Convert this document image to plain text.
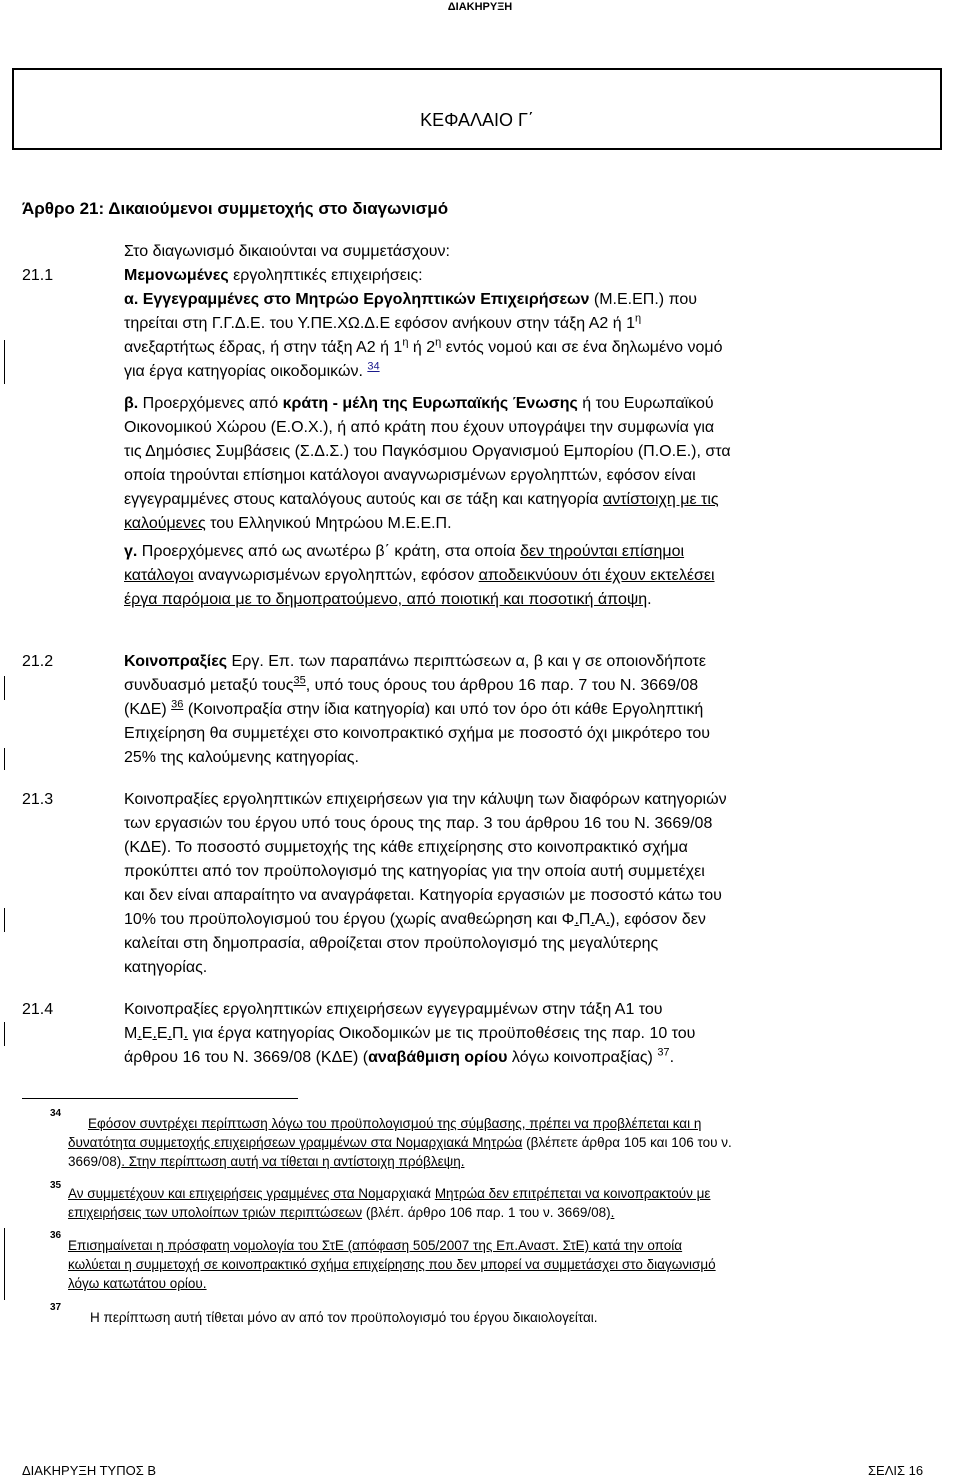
ΔΙΑΚΗΡΥΞΗ
ΚΕΦΑΛΑΙΟ Γ΄
Άρθρο 21: Δικαιούμενοι συμμετοχής στο διαγωνισμό
Στο διαγωνισμό δικαιούνται να συμμετάσχουν:
21.1	Μεμονωμένες εργοληπτικές επιχειρήσεις:
α. Εγγεγραμμένες στο Μητρώο Εργοληπτικών Επιχειρήσεων (Μ.Ε.ΕΠ.) που
τηρείται στη Γ.Γ.Δ.Ε. του Υ.ΠΕ.ΧΩ.Δ.Ε εφόσον ανήκουν στην τάξη Α2 ή $1^\eta$
ανεξαρτήτως έδρας, ή στην τάξη Α2 ή $1^\eta$ ή $2^\eta$ εντός νομού και σε ένα δηλωμένο νομό
για έργα κατηγορίας οικοδομικών. $^{34}$
β. Προερχόμενες από κράτη - μέλη της Ευρωπαϊκής Ένωσης ή του Ευρωπαϊκού
Οικονομικού Χώρου (Ε.Ο.Χ.), ή από κράτη που έχουν υπογράψει την συμφωνία για
τις Δημόσιες Συμβάσεις (Σ.Δ.Σ.) του Παγκόσμιου Οργανισμού Εμπορίου (Π.Ο.Ε.), στα
οποία τηρούνται επίσημοι κατάλογοι αναγνωρισμένων εργοληπτών, εφόσον είναι
εγγεγραμμένες στους καταλόγους αυτούς και σε τάξη και κατηγορία αντίστοιχη με τις
καλούμενες του Ελληνικού Μητρώου Μ.Ε.Ε.Π.
γ. Προερχόμενες από ως ανωτέρω β΄ κράτη, στα οποία δεν τηρούνται επίσημοι
κατάλογοι αναγνωρισμένων εργοληπτών, εφόσον αποδεικνύουν ότι έχουν εκτελέσει
έργα παρόμοια με το δημοπρατούμενο, από ποιοτική και ποσοτική άποψη.
21.2	Κοινοπραξίες Εργ. Επ. των παραπάνω περιπτώσεων α, β και γ σε οποιονδήποτε
συνδυασμό μεταξύ τους$^{35}$, υπό τους όρους του άρθρου 16 παρ. 7 του Ν. 3669/08
(ΚΔΕ) $^{36}$ (Κοινοπραξία στην ίδια κατηγορία) και υπό τον όρο ότι κάθε Εργοληπτική
Επιχείρηση θα συμμετέχει στο κοινοπρακτικό σχήμα με ποσοστό όχι μικρότερο του
25% της καλούμενης κατηγορίας.
21.3	Κοινοπραξίες εργοληπτικών επιχειρήσεων για την κάλυψη των διαφόρων κατηγοριών
των εργασιών του έργου υπό τους όρους της παρ. 3 του άρθρου 16 του Ν. 3669/08
(ΚΔΕ). Το ποσοστό συμμετοχής της κάθε επιχείρησης στο κοινοπρακτικό σχήμα
προκύπτει από τον προϋπολογισμό της κατηγορίας για την οποία αυτή συμμετέχει
και δεν είναι απαραίτητο να αναγράφεται. Κατηγορία εργασιών με ποσοστό κάτω του
10% του προϋπολογισμού του έργου (χωρίς αναθεώρηση και Φ.Π.Α.), εφόσον δεν
καλείται στη δημοπρασία, αθροίζεται στον προϋπολογισμό της μεγαλύτερης
κατηγορίας.
21.4	Κοινοπραξίες εργοληπτικών επιχειρήσεων εγγεγραμμένων στην τάξη Α1 του
Μ.Ε.Ε.Π. για έργα κατηγορίας Οικοδομικών με τις προϋποθέσεις της παρ. 10 του
άρθρου 16 του Ν. 3669/08 (ΚΔΕ) (αναβάθμιση ορίου λόγω κοινοπραξίας) $^{37}$.
34
Εφόσον συντρέχει περίπτωση λόγω του προϋπολογισμού της σύμβασης, πρέπει να προβλέπεται και η
δυνατότητα συμμετοχής επιχειρήσεων γραμμένων στα Νομαρχιακά Μητρώα (βλέπετε άρθρα 105 και 106 του ν.
3669/08). Στην περίπτωση αυτή να τίθεται η αντίστοιχη πρόβλεψη.
35
Αν συμμετέχουν και επιχειρήσεις γραμμένες στα Νομαρχιακά Μητρώα δεν επιτρέπεται να κοινοπρακτούν με
επιχειρήσεις των υπολοίπων τριών περιπτώσεων (βλέπ. άρθρο 106 παρ. 1 του ν. 3669/08).
36
Επισημαίνεται η πρόσφατη νομολογία του ΣτΕ (απόφαση 505/2007 της Επ.Αναστ. ΣτΕ) κατά την οποία
κωλύεται η συμμετοχή σε κοινοπρακτικό σχήμα επιχείρησης που δεν μπορεί να συμμετάσχει στο διαγωνισμό
λόγω κατωτάτου ορίου.
37
Η περίπτωση αυτή τίθεται μόνο αν από τον προϋπολογισμό του έργου δικαιολογείται.
ΔΙΑΚΗΡΥΞΗ ΤΥΠΟΣ Β	ΣΕΛΙΣ 16
